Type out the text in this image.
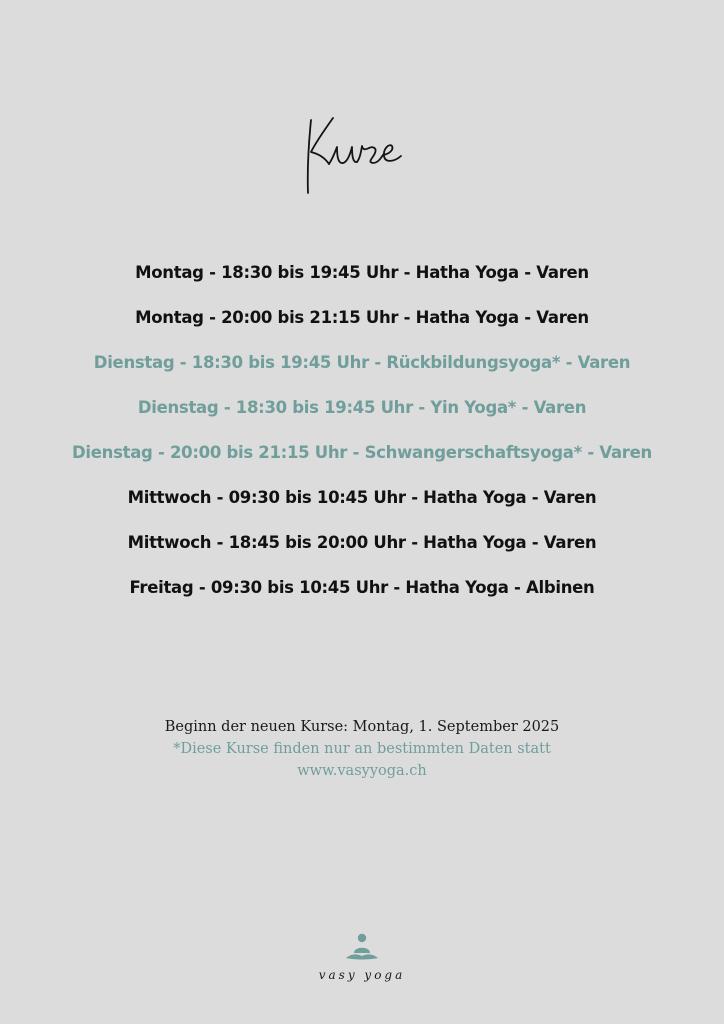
Montag - 18:30 bis 19:45 Uhr - Hatha Yoga - Varen
Montag - 20:00 bis 21:15 Uhr - Hatha Yoga - Varen
Dienstag - 18:30 bis 19:45 Uhr - Rückbildungsyoga* - Varen
Dienstag - 18:30 bis 19:45 Uhr - Yin Yoga* - Varen
Dienstag - 20:00 bis 21:15 Uhr - Schwangerschaftsyoga* - Varen
Mittwoch - 09:30 bis 10:45 Uhr - Hatha Yoga - Varen
Mittwoch - 18:45 bis 20:00 Uhr - Hatha Yoga - Varen
Freitag - 09:30 bis 10:45 Uhr - Hatha Yoga - Albinen
Beginn der neuen Kurse: Montag, 1. September 2025
*Diese Kurse finden nur an bestimmten Daten statt
www.vasyyoga.ch
vasy yoga
